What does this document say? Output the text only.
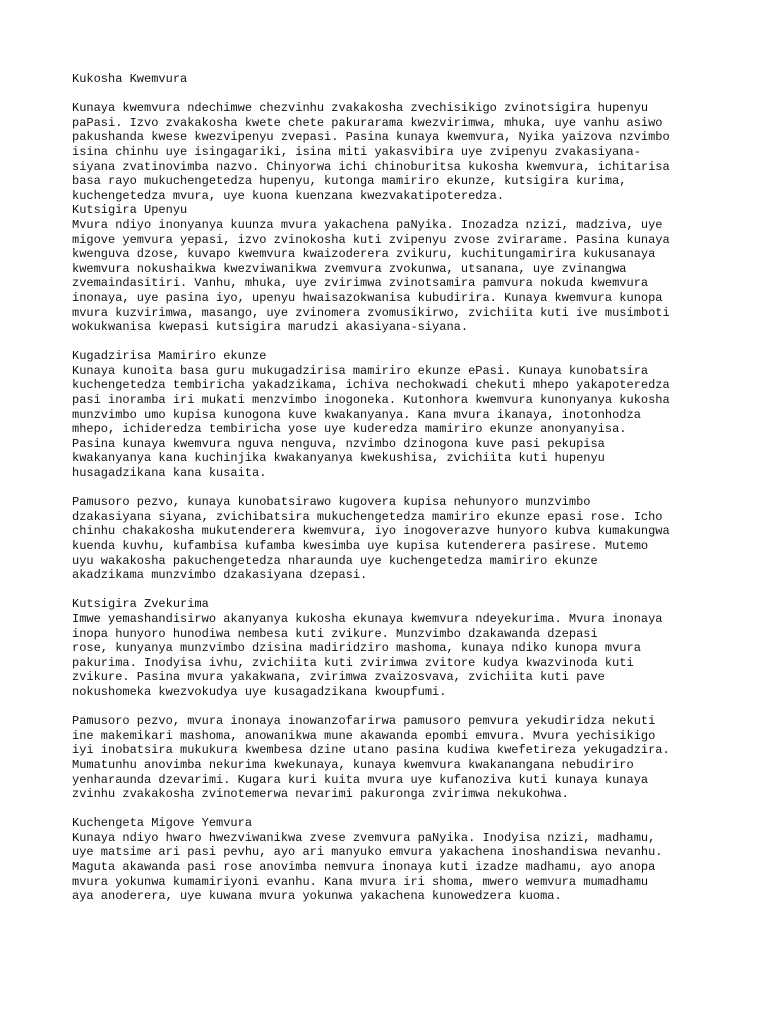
Kukosha Kwemvura

Kunaya kwemvura ndechimwe chezvinhu zvakakosha zvechisikigo zvinotsigira hupenyu
paPasi. Izvo zvakakosha kwete chete pakurarama kwezvirimwa, mhuka, uye vanhu asiwo
pakushanda kwese kwezvipenyu zvepasi. Pasina kunaya kwemvura, Nyika yaizova nzvimbo
isina chinhu uye isingagariki, isina miti yakasvibira uye zvipenyu zvakasiyana-
siyana zvatinovimba nazvo. Chinyorwa ichi chinoburitsa kukosha kwemvura, ichitarisa
basa rayo mukuchengetedza hupenyu, kutonga mamiriro ekunze, kutsigira kurima,
kuchengetedza mvura, uye kuona kuenzana kwezvakatipoteredza.

Kutsigira Upenyu

Mvura ndiyo inonyanya kuunza mvura yakachena paNyika. Inozadza nzizi, madziva, uye
migove yemvura yepasi, izvo zvinokosha kuti zvipenyu zvose zvirarame. Pasina kunaya
kwenguva dzose, kuvapo kwemvura kwaizoderera zvikuru, kuchitungamirira kukusanaya
kwemvura nokushaikwa kwezviwanikwa zvemvura zvokunwa, utsanana, uye zvinangwa
zvemaindasitiri. Vanhu, mhuka, uye zvirimwa zvinotsamira pamvura nokuda kwemvura
inonaya, uye pasina iyo, upenyu hwaisazokwanisa kubudirira. Kunaya kwemvura kunopa
mvura kuzvirimwa, masango, uye zvinomera zvomusikirwo, zvichiita kuti ive musimboti
wokukwanisa kwepasi kutsigira marudzi akasiyana-siyana.

Kugadzirisa Mamiriro ekunze

Kunaya kunoita basa guru mukugadzirisa mamiriro ekunze ePasi. Kunaya kunobatsira
kuchengetedza tembiricha yakadzikama, ichiva nechokwadi chekuti mhepo yakapoteredza
pasi inoramba iri mukati menzvimbo inogoneka. Kutonhora kwemvura kunonyanya kukosha
munzvimbo umo kupisa kunogona kuve kwakanyanya. Kana mvura ikanaya, inotonhodza
mhepo, ichideredza tembiricha yose uye kuderedza mamiriro ekunze anonyanyisa.
Pasina kunaya kwemvura nguva nenguva, nzvimbo dzinogona kuve pasi pekupisa
kwakanyanya kana kuchinjika kwakanyanya kwekushisa, zvichiita kuti hupenyu
husagadzikana kana kusaita.

Pamusoro pezvo, kunaya kunobatsirawo kugovera kupisa nehunyoro munzvimbo
dzakasiyana siyana, zvichibatsira mukuchengetedza mamiriro ekunze epasi rose. Icho
chinhu chakakosha mukutenderera kwemvura, iyo inogoverazve hunyoro kubva kumakungwa
kuenda kuvhu, kufambisa kufamba kwesimba uye kupisa kutenderera pasirese. Mutemo
uyu wakakosha pakuchengetedza nharaunda uye kuchengetedza mamiriro ekunze
akadzikama munzvimbo dzakasiyana dzepasi.

Kutsigira Zvekurima

Imwe yemashandisirwo akanyanya kukosha ekunaya kwemvura ndeyekurima. Mvura inonaya
inopa hunyoro hunodiwa nembesa kuti zvikure. Munzvimbo dzakawanda dzepasi
rose, kunyanya munzvimbo dzisina madiridziro mashoma, kunaya ndiko kunopa mvura
pakurima. Inodyisa ivhu, zvichiita kuti zvirimwa zvitore kudya kwazvinoda kuti
zvikure. Pasina mvura yakakwana, zvirimwa zvaizosvava, zvichiita kuti pave
nokushomeka kwezvokudya uye kusagadzikana kwoupfumi.

Pamusoro pezvo, mvura inonaya inowanzofarirwa pamusoro pemvura yekudiridza nekuti
ine makemikari mashoma, anowanikwa mune akawanda epombi emvura. Mvura yechisikigo
iyi inobatsira mukukura kwembesa dzine utano pasina kudiwa kwefetireza yekugadzira.
Mumatunhu anovimba nekurima kwekunaya, kunaya kwemvura kwakanangana nebudiriro
yenharaunda dzevarimi. Kugara kuri kuita mvura uye kufanoziva kuti kunaya kunaya
zvinhu zvakakosha zvinotemerwa nevarimi pakuronga zvirimwa nekukohwa.

Kuchengeta Migove Yemvura

Kunaya ndiyo hwaro hwezviwanikwa zvese zvemvura paNyika. Inodyisa nzizi, madhamu,
uye matsime ari pasi pevhu, ayo ari manyuko emvura yakachena inoshandiswa nevanhu.
Maguta akawanda pasi rose anovimba nemvura inonaya kuti izadze madhamu, ayo anopa
mvura yokunwa kumamiriyoni evanhu. Kana mvura iri shoma, mwero wemvura mumadhamu
aya anoderera, uye kuwana mvura yokunwa yakachena kunowedzera kuoma.
